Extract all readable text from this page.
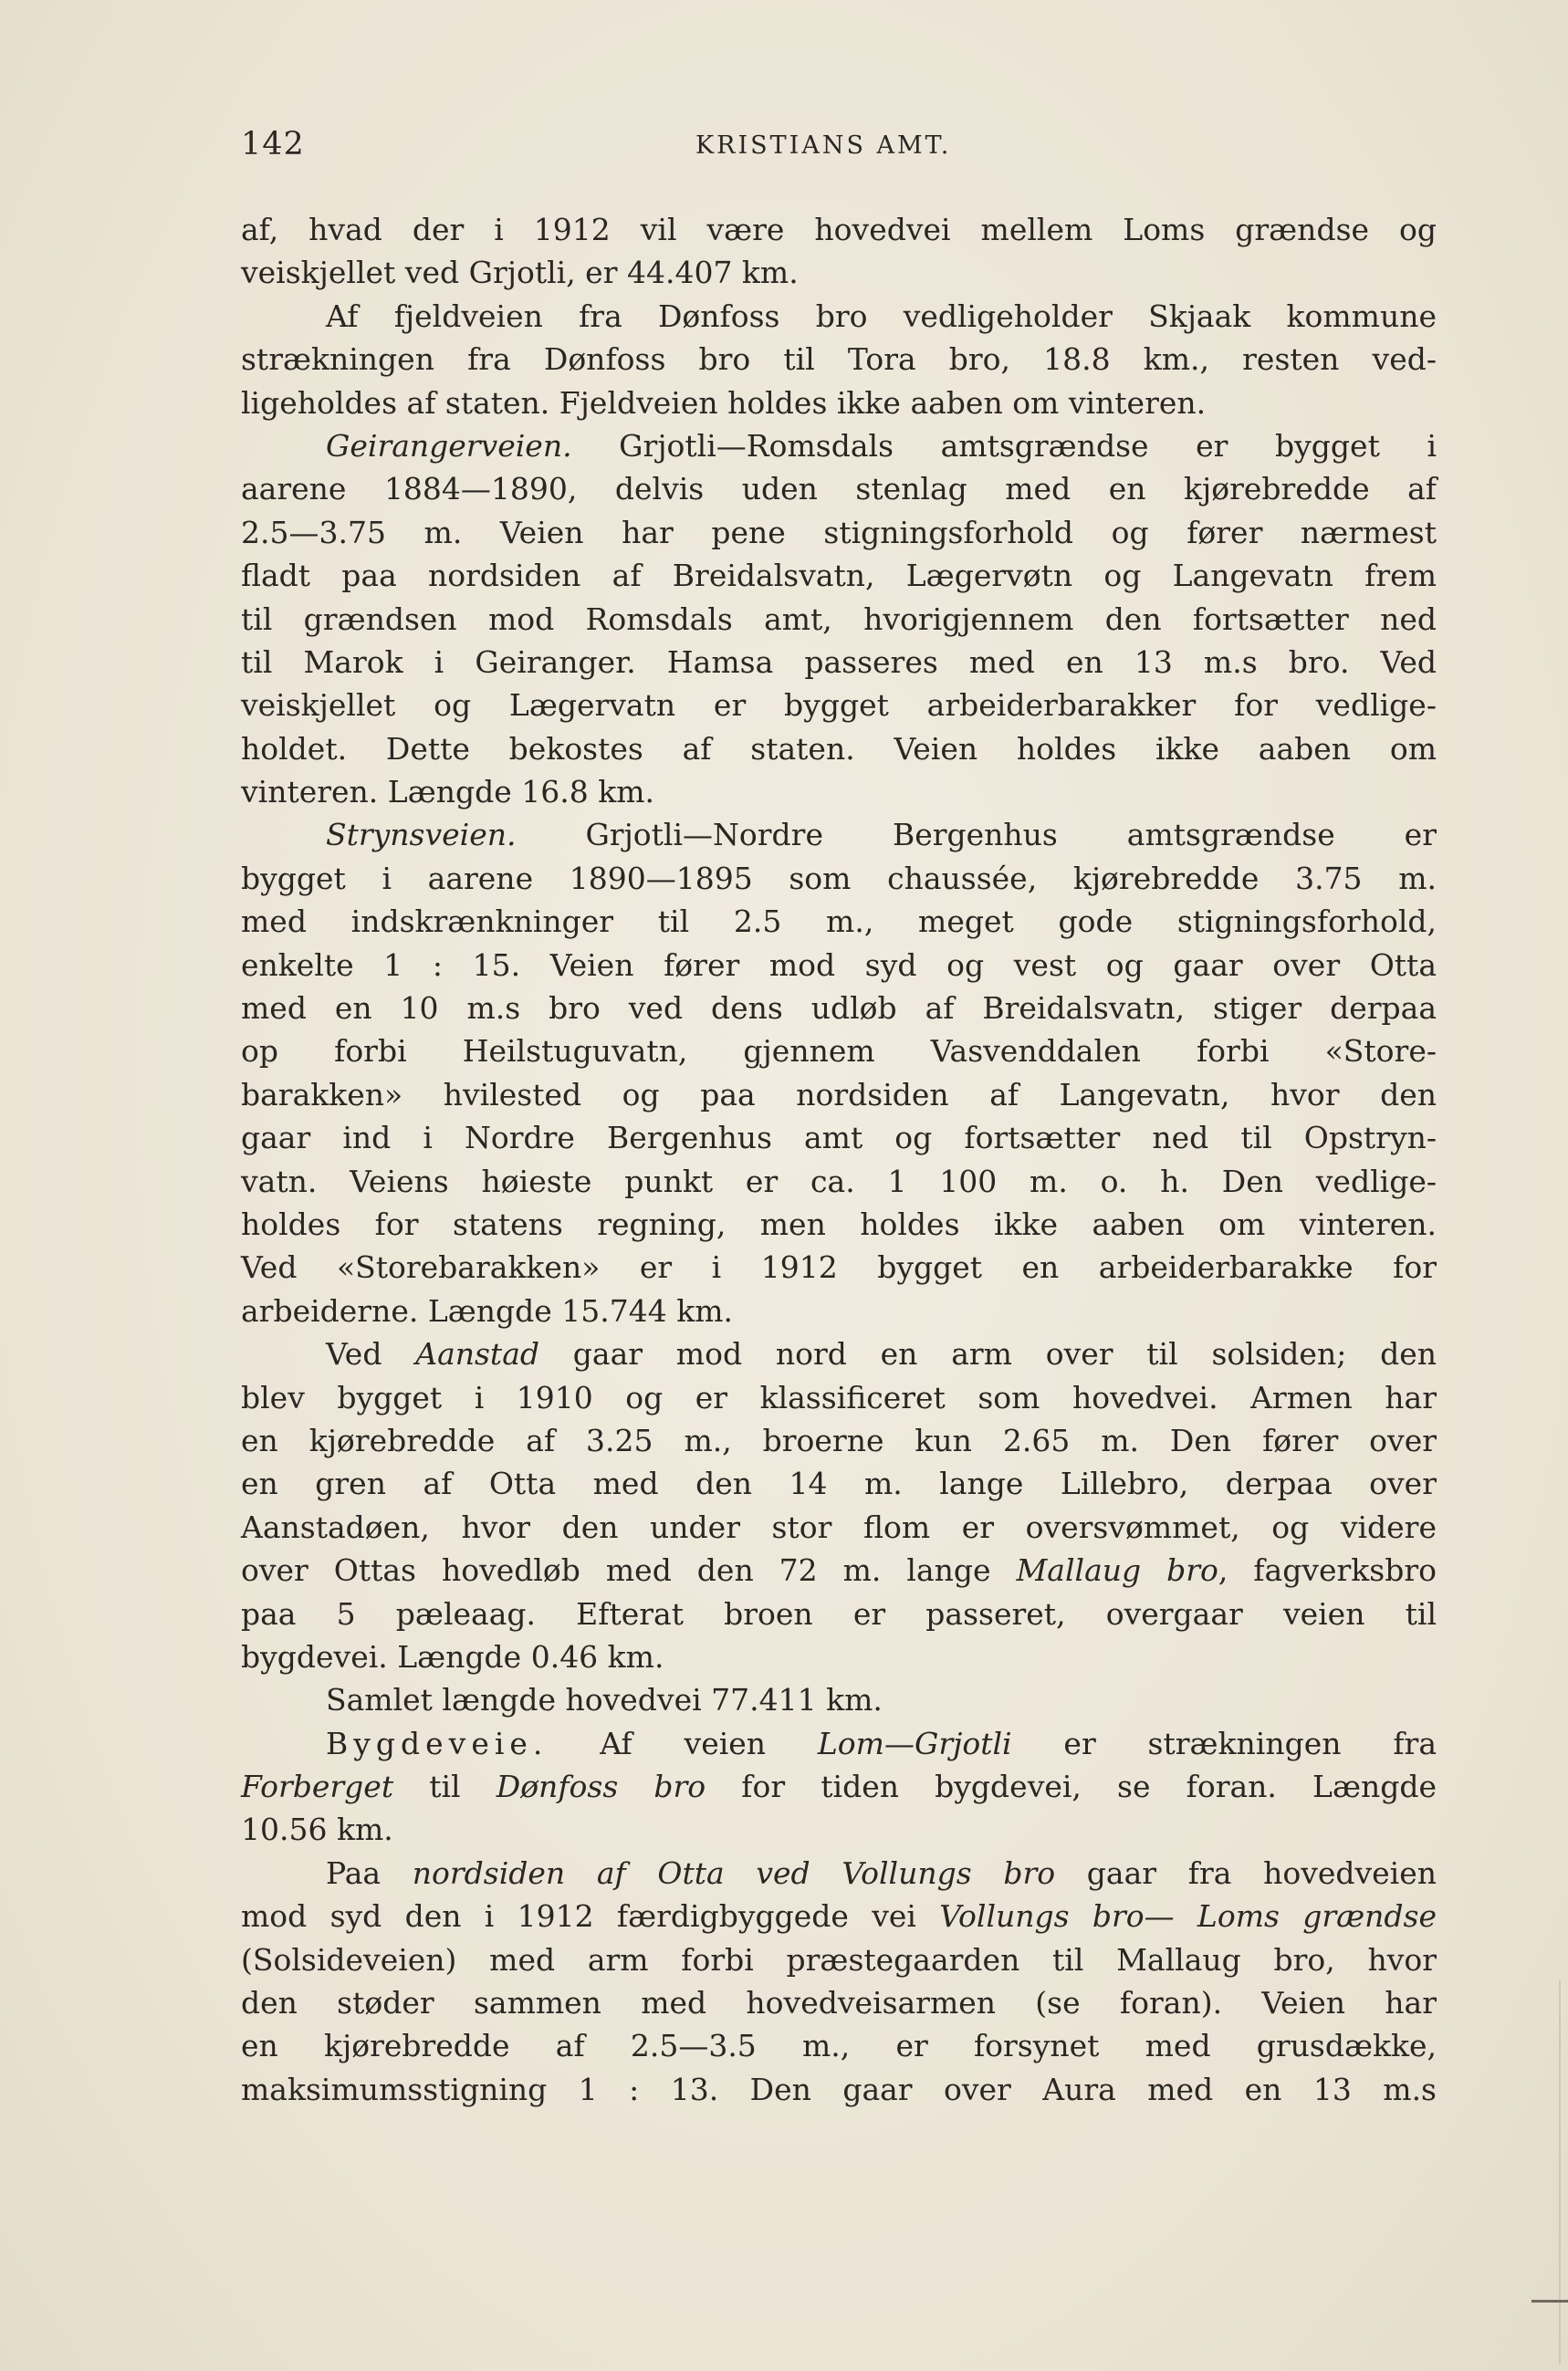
142	KRISTIANS AMT.
af, hvad der i 1912 vil være hovedvei mellem Loms grændse og
veiskjellet ved Grjotli, er 44.407 km.
Af fjeldveien fra Dønfoss bro vedligeholder Skjaak kommune
strækningen fra Dønfoss bro til Tora bro, 18.8 km., resten ved-
ligeholdes af staten. Fjeldveien holdes ikke aaben om vinteren.
Geirangerveien. Grjotli—Romsdals amtsgrændse er bygget i
aarene 1884—1890, delvis uden stenlag med en kjørebredde af
2.5—3.75 m. Veien har pene stigningsforhold og fører nærmest
fladt paa nordsiden af Breidalsvatn, Lægervøtn og Langevatn frem
til grændsen mod Romsdals amt, hvorigjennem den fortsætter ned
til Marok i Geiranger. Hamsa passeres med en 13 m.s bro. Ved
veiskjellet og Lægervatn er bygget arbeiderbarakker for vedlige-
holdet. Dette bekostes af staten. Veien holdes ikke aaben om
vinteren. Længde 16.8 km.
Strynsveien. Grjotli—Nordre Bergenhus amtsgrændse er
bygget i aarene 1890—1895 som chaussée, kjørebredde 3.75 m.
med indskrænkninger til 2.5 m., meget gode stigningsforhold,
enkelte 1 : 15. Veien fører mod syd og vest og gaar over Otta
med en 10 m.s bro ved dens udløb af Breidalsvatn, stiger derpaa
op forbi Heilstuguvatn, gjennem Vasvenddalen forbi «Store-
barakken» hvilested og paa nordsiden af Langevatn, hvor den
gaar ind i Nordre Bergenhus amt og fortsætter ned til Opstryn-
vatn. Veiens høieste punkt er ca. 1 100 m. o. h. Den vedlige-
holdes for statens regning, men holdes ikke aaben om vinteren.
Ved «Storebarakken» er i 1912 bygget en arbeiderbarakke for
arbeiderne. Længde 15.744 km.
Ved Aanstad gaar mod nord en arm over til solsiden; den
blev bygget i 1910 og er klassificeret som hovedvei. Armen har
en kjørebredde af 3.25 m., broerne kun 2.65 m. Den fører over
en gren af Otta med den 14 m. lange Lillebro, derpaa over
Aanstadøen, hvor den under stor flom er oversvømmet, og videre
over Ottas hovedløb med den 72 m. lange Mallaug bro, fagverksbro
paa 5 pæleaag. Efterat broen er passeret, overgaar veien til
bygdevei. Længde 0.46 km.
Samlet længde hovedvei 77.411 km.
Bygdeveie. Af veien Lom—Grjotli er strækningen fra
Forberget til Dønfoss bro for tiden bygdevei, se foran. Længde
10.56 km.
Paa nordsiden af Otta ved Vollungs bro gaar fra hovedveien
mod syd den i 1912 færdigbyggede vei Vollungs bro— Loms grændse
(Solsideveien) med arm forbi præstegaarden til Mallaug bro, hvor
den støder sammen med hovedveisarmen (se foran). Veien har
en kjørebredde af 2.5—3.5 m., er forsynet med grusdække,
maksimumsstigning 1 : 13. Den gaar over Aura med en 13 m.s
